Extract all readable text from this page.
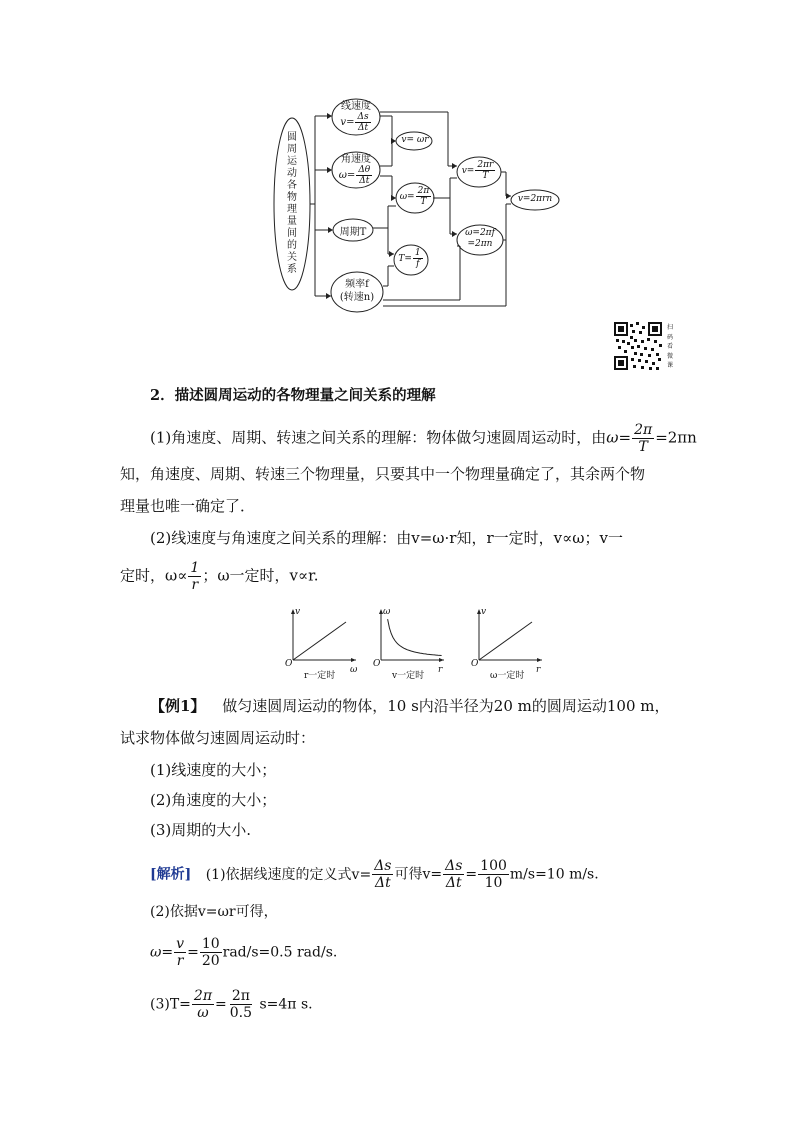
圆
周
运
动
各
物
理
量
间
的
关
系
线速度
$v= \frac{\Delta s}{\Delta t}$
角速度
$\omega= \frac{\Delta\theta}{\Delta t}$
周期T
频率f
(转速n)
v= ωr
$\omega= \frac{2\pi}{T}$
$T= \frac{1}{f}$
$v= \frac{2\pi r}{T}$
ω=2πf
=2πn
v=2πrn
扫
码
看
微
课
2．描述圆周运动的各物理量之间关系的理解
(1)角速度、周期、转速之间关系的理解：物体做匀速圆周运动时，由$\omega= \frac{2\pi}{T} =2\pi n$
知，角速度、周期、转速三个物理量，只要其中一个物理量确定了，其余两个物
理量也唯一确定了．
(2)线速度与角速度之间关系的理解：由v=ω·r知，r一定时，v∝ω；v一
定时，$\omega\propto \frac{1}{r}$ ；ω一定时，v∝r.
v
ω
O
r一定时
ω
r
O
v一定时
v
r
O
ω一定时
【例1】 做匀速圆周运动的物体，10 s内沿半径为20 m的圆周运动100 m，
试求物体做匀速圆周运动时：
(1)线速度的大小；
(2)角速度的大小；
(3)周期的大小.
[解析] (1)依据线速度的定义式$v= \frac{\Delta s}{\Delta t}$ 可得$v= \frac{\Delta s}{\Delta t} = \frac{100}{10} m/s=10$ m/s.
(2)依据v=ωr可得，
$\omega= \frac{v}{r} = \frac{10}{20} rad/s=0.5$ rad/s.
$(3)T= \frac{2\pi}{\omega} = \frac{2\pi}{0.5} s=4\pi$ s.
